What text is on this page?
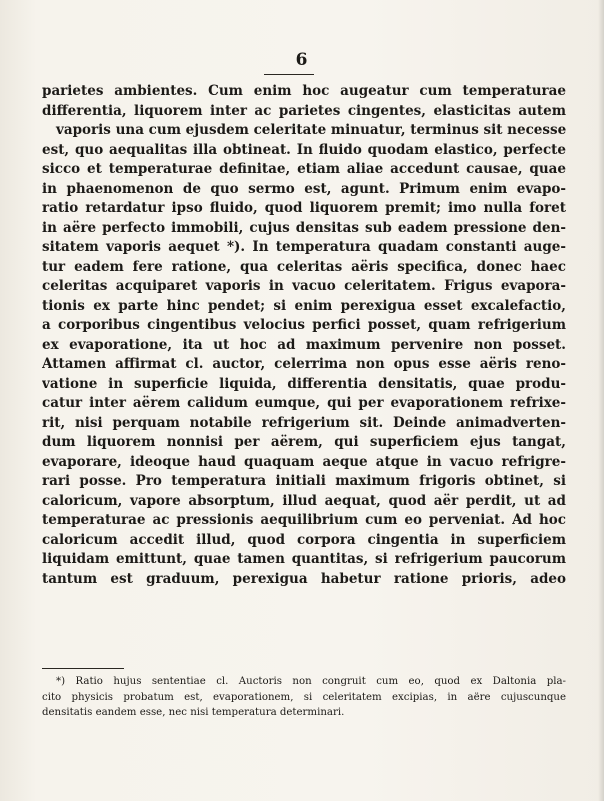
6
parietes ambientes. Cum enim hoc augeatur cum temperaturae
differentia, liquorem inter ac parietes cingentes, elasticitas autem
vaporis una cum ejusdem celeritate minuatur, terminus sit necesse
est, quo aequalitas illa obtineat. In fluido quodam elastico, perfecte
sicco et temperaturae definitae, etiam aliae accedunt causae, quae
in phaenomenon de quo sermo est, agunt. Primum enim evapo-
ratio retardatur ipso fluido, quod liquorem premit; imo nulla foret
in aëre perfecto immobili, cujus densitas sub eadem pressione den-
sitatem vaporis aequet *). In temperatura quadam constanti auge-
tur eadem fere ratione, qua celeritas aëris specifica, donec haec
celeritas acquiparet vaporis in vacuo celeritatem. Frigus evapora-
tionis ex parte hinc pendet; si enim perexigua esset excalefactio,
a corporibus cingentibus velocius perfici posset, quam refrigerium
ex evaporatione, ita ut hoc ad maximum pervenire non posset.
Attamen affirmat cl. auctor, celerrima non opus esse aëris reno-
vatione in superficie liquida, differentia densitatis, quae produ-
catur inter aërem calidum eumque, qui per evaporationem refrixe-
rit, nisi perquam notabile refrigerium sit. Deinde animadverten-
dum liquorem nonnisi per aërem, qui superficiem ejus tangat,
evaporare, ideoque haud quaquam aeque atque in vacuo refrigre-
rari posse. Pro temperatura initiali maximum frigoris obtinet, si
caloricum, vapore absorptum, illud aequat, quod aër perdit, ut ad
temperaturae ac pressionis aequilibrium cum eo perveniat. Ad hoc
caloricum accedit illud, quod corpora cingentia in superficiem
liquidam emittunt, quae tamen quantitas, si refrigerium paucorum
tantum est graduum, perexigua habetur ratione prioris, adeo
*) Ratio hujus sententiae cl. Auctoris non congruit cum eo, quod ex Daltonia pla-
cito physicis probatum est, evaporationem, si celeritatem excipias, in aëre cujuscunque
densitatis eandem esse, nec nisi temperatura determinari.
